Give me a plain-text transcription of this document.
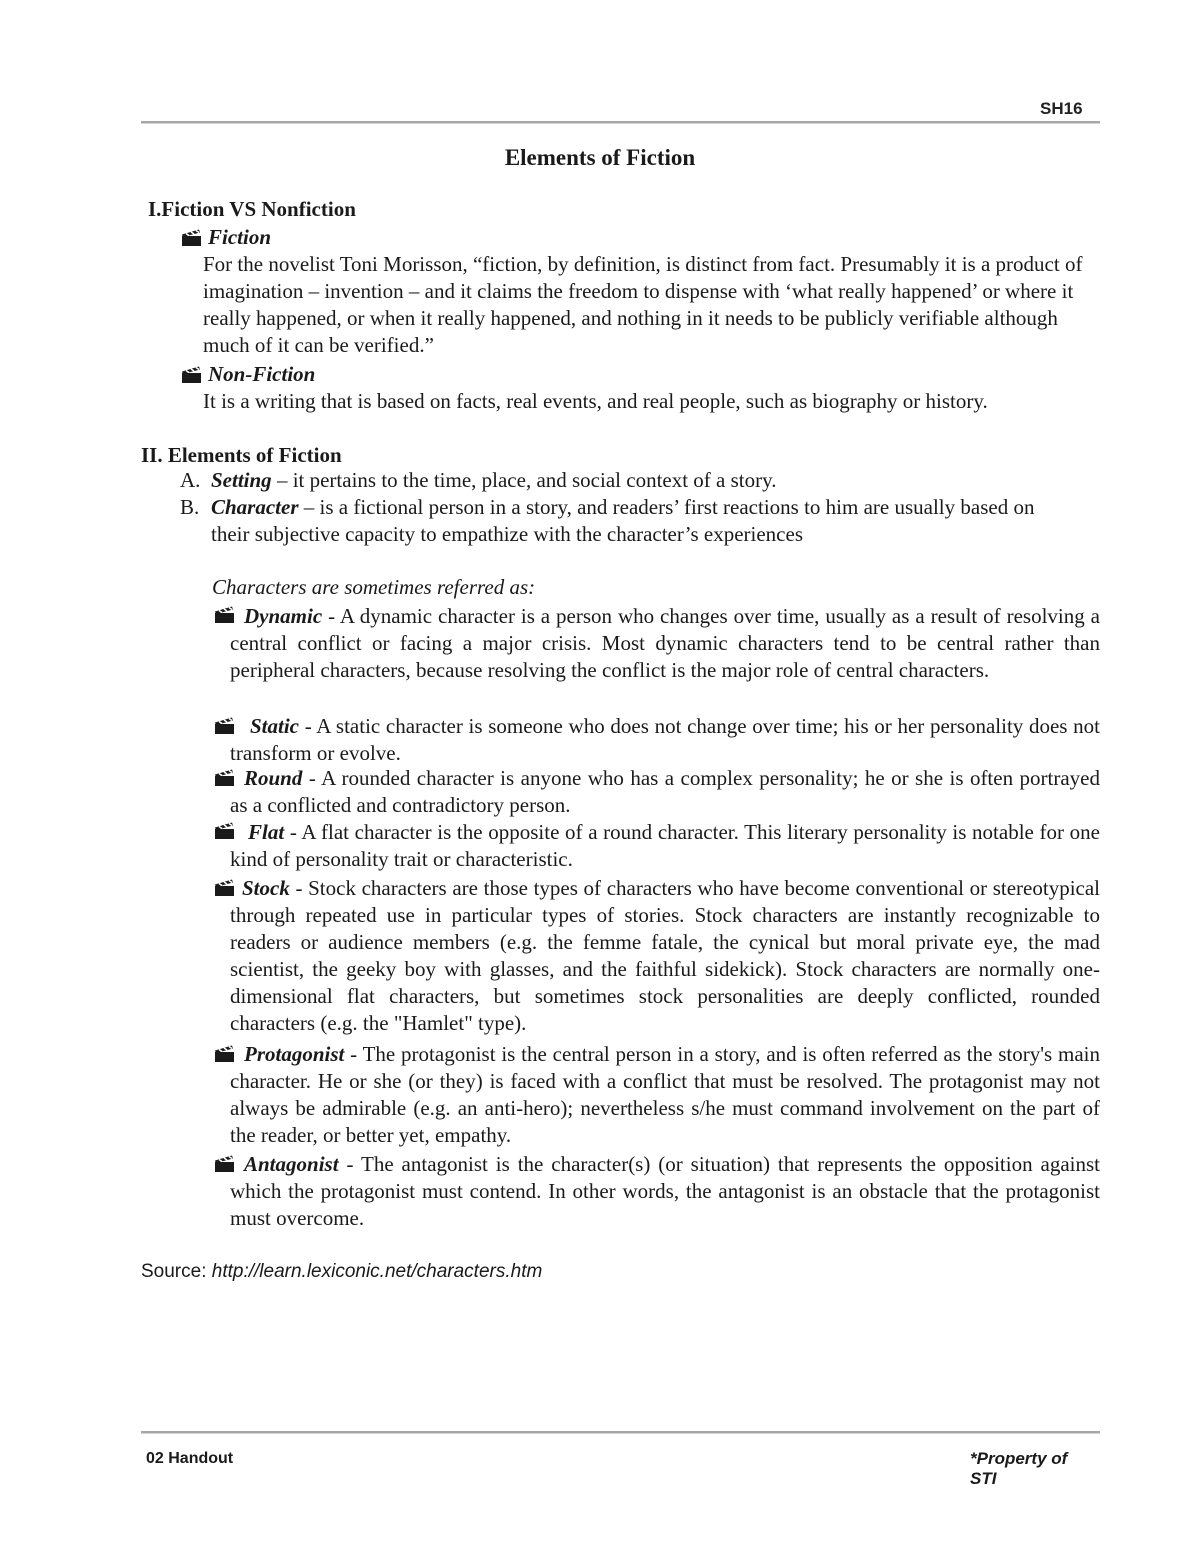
SH16
Elements of Fiction
I.Fiction VS Nonfiction
Fiction
For the novelist Toni Morisson, “fiction, by definition, is distinct from fact. Presumably it is a product of imagination – invention – and it claims the freedom to dispense with ‘what really happened’ or where it really happened, or when it really happened, and nothing in it needs to be publicly verifiable although much of it can be verified.”
Non-Fiction
It is a writing that is based on facts, real events, and real people, such as biography or history.
II. Elements of Fiction
A. Setting – it pertains to the time, place, and social context of a story.
B. Character – is a fictional person in a story, and readers’ first reactions to him are usually based on their subjective capacity to empathize with the character’s experiences
Characters are sometimes referred as:
Dynamic - A dynamic character is a person who changes over time, usually as a result of resolving a central conflict or facing a major crisis. Most dynamic characters tend to be central rather than peripheral characters, because resolving the conflict is the major role of central characters.
Static - A static character is someone who does not change over time; his or her personality does not transform or evolve.
Round - A rounded character is anyone who has a complex personality; he or she is often portrayed as a conflicted and contradictory person.
Flat - A flat character is the opposite of a round character. This literary personality is notable for one kind of personality trait or characteristic.
Stock - Stock characters are those types of characters who have become conventional or stereotypical through repeated use in particular types of stories. Stock characters are instantly recognizable to readers or audience members (e.g. the femme fatale, the cynical but moral private eye, the mad scientist, the geeky boy with glasses, and the faithful sidekick). Stock characters are normally one-dimensional flat characters, but sometimes stock personalities are deeply conflicted, rounded characters (e.g. the "Hamlet" type).
Protagonist - The protagonist is the central person in a story, and is often referred as the story's main character. He or she (or they) is faced with a conflict that must be resolved. The protagonist may not always be admirable (e.g. an anti-hero); nevertheless s/he must command involvement on the part of the reader, or better yet, empathy.
Antagonist - The antagonist is the character(s) (or situation) that represents the opposition against which the protagonist must contend. In other words, the antagonist is an obstacle that the protagonist must overcome.
Source: http://learn.lexiconic.net/characters.htm
02 Handout	*Property of STI
